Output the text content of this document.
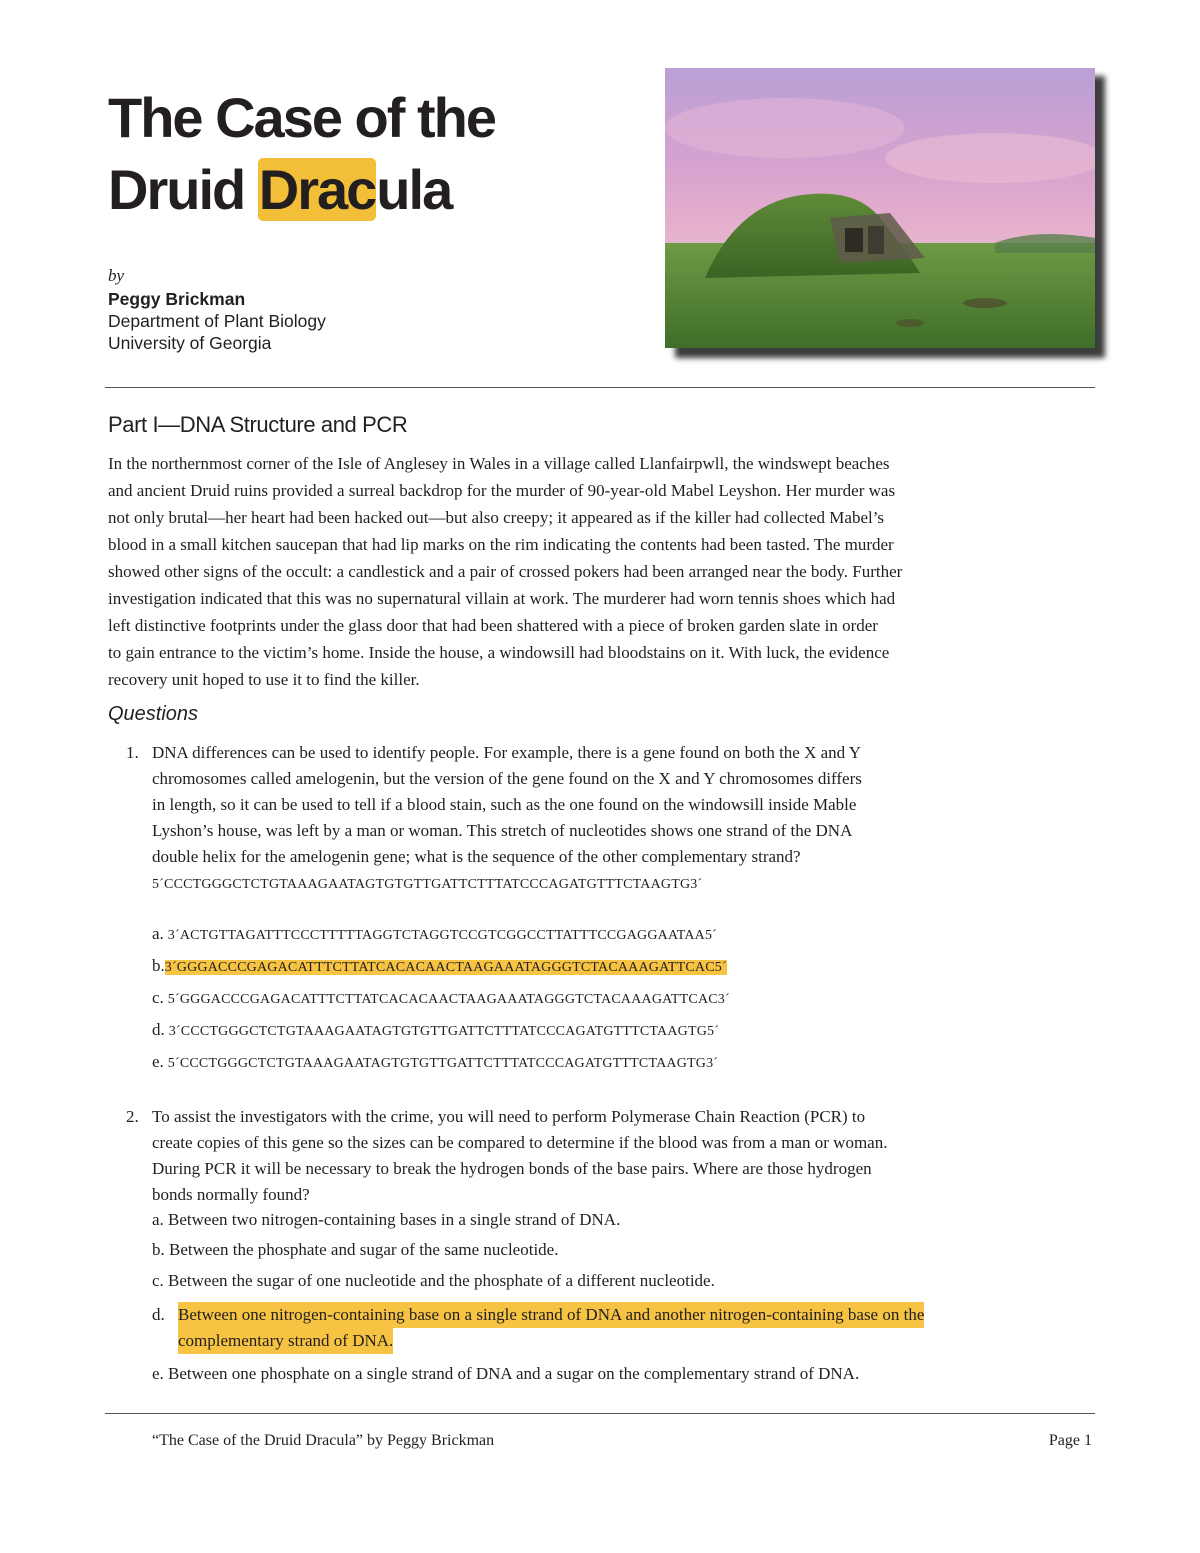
The Case of the
Druid Dracula
by
Peggy Brickman
Department of Plant Biology
University of Georgia
Part I—DNA Structure and PCR

In the northernmost corner of the Isle of Anglesey in Wales in a village called Llanfairpwll, the windswept beaches
and ancient Druid ruins provided a surreal backdrop for the murder of 90-year-old Mabel Leyshon. Her murder was
not only brutal—her heart had been hacked out—but also creepy; it appeared as if the killer had collected Mabel’s
blood in a small kitchen saucepan that had lip marks on the rim indicating the contents had been tasted. The murder
showed other signs of the occult: a candlestick and a pair of crossed pokers had been arranged near the body. Further
investigation indicated that this was no supernatural villain at work. The murderer had worn tennis shoes which had
left distinctive footprints under the glass door that had been shattered with a piece of broken garden slate in order
to gain entrance to the victim’s home. Inside the house, a windowsill had bloodstains on it. With luck, the evidence
recovery unit hoped to use it to find the killer.

Questions
1. DNA differences can be used to identify people. For example, there is a gene found on both the X and Y
chromosomes called amelogenin, but the version of the gene found on the X and Y chromosomes differs
in length, so it can be used to tell if a blood stain, such as the one found on the windowsill inside Mable
Lyshon’s house, was left by a man or woman. This stretch of nucleotides shows one strand of the DNA
double helix for the amelogenin gene; what is the sequence of the other complementary strand?
5´CCCTGGGCTCTGTAAAGAATAGTGTGTTGATTCTTTATCCCAGATGTTTCTAAGTG3´
a. 3´ACTGTTAGATTTCCCTTTTTAGGTCTAGGTCCGTCGGCCTTATTTCCGAGGAATAA5´
b.3´GGGACCCGAGACATTTCTTATCACACAACTAAGAAATAGGGTCTACAAAGATTCAC5´
c. 5´GGGACCCGAGACATTTCTTATCACACAACTAAGAAATAGGGTCTACAAAGATTCAC3´
d. 3´CCCTGGGCTCTGTAAAGAATAGTGTGTTGATTCTTTATCCCAGATGTTTCTAAGTG5´
e. 5´CCCTGGGCTCTGTAAAGAATAGTGTGTTGATTCTTTATCCCAGATGTTTCTAAGTG3´
2. To assist the investigators with the crime, you will need to perform Polymerase Chain Reaction (PCR) to
create copies of this gene so the sizes can be compared to determine if the blood was from a man or woman.
During PCR it will be necessary to break the hydrogen bonds of the base pairs. Where are those hydrogen
bonds normally found?
a. Between two nitrogen-containing bases in a single strand of DNA.
b. Between the phosphate and sugar of the same nucleotide.
c. Between the sugar of one nucleotide and the phosphate of a different nucleotide.
d. Between one nitrogen-containing base on a single strand of DNA and another nitrogen-containing base on the
complementary strand of DNA.
e. Between one phosphate on a single strand of DNA and a sugar on the complementary strand of DNA.
“The Case of the Druid Dracula” by Peggy Brickman	Page 1
